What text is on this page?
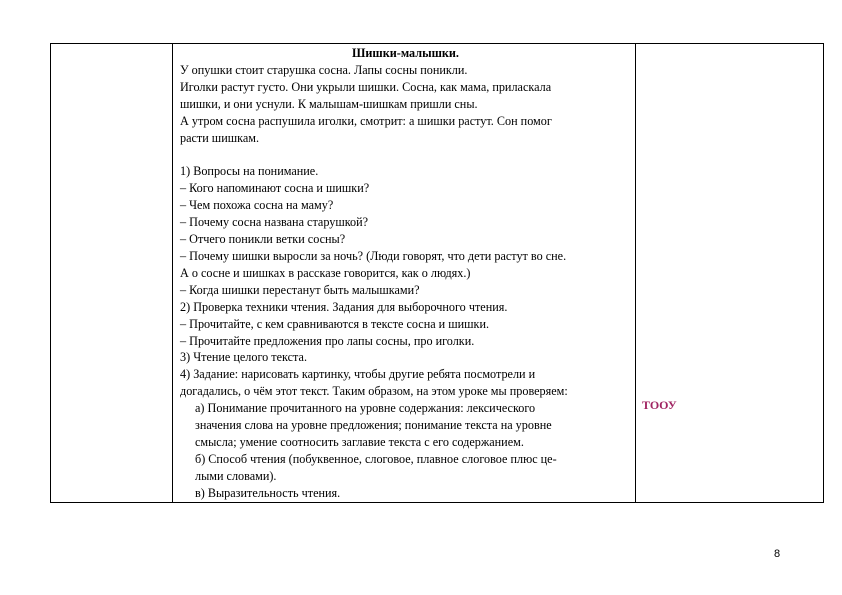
Шишки-малышки.
У опушки стоит старушка сосна. Лапы сосны поникли.
Иголки растут густо. Они укрыли шишки. Сосна, как мама, приласкала
шишки, и они уснули. К малышам-шишкам пришли сны.
А утром сосна распушила иголки, смотрит: а шишки растут. Сон помог
расти шишкам.
1) Вопросы на понимание.
– Кого напоминают сосна и шишки?
– Чем похожа сосна на маму?
– Почему сосна названа старушкой?
– Отчего поникли ветки сосны?
– Почему шишки выросли за ночь? (Люди говорят, что дети растут во сне.
А о сосне и шишках в рассказе говорится, как о людях.)
– Когда шишки перестанут быть малышками?
2) Проверка техники чтения. Задания для выборочного чтения.
– Прочитайте, с кем сравниваются в тексте сосна и шишки.
– Прочитайте предложения про лапы сосны, про иголки.
3) Чтение целого текста.
4) Задание: нарисовать картинку, чтобы другие ребята посмотрели и
догадались, о чём этот текст. Таким образом, на этом уроке мы проверяем:
а) Понимание прочитанного на уровне содержания: лексического
значения слова на уровне предложения; понимание текста на уровне
смысла; умение соотносить заглавие текста с его содержанием.
б) Способ чтения (побуквенное, слоговое, плавное слоговое плюс це-
лыми словами).
в) Выразительность чтения.

ТООУ
8
